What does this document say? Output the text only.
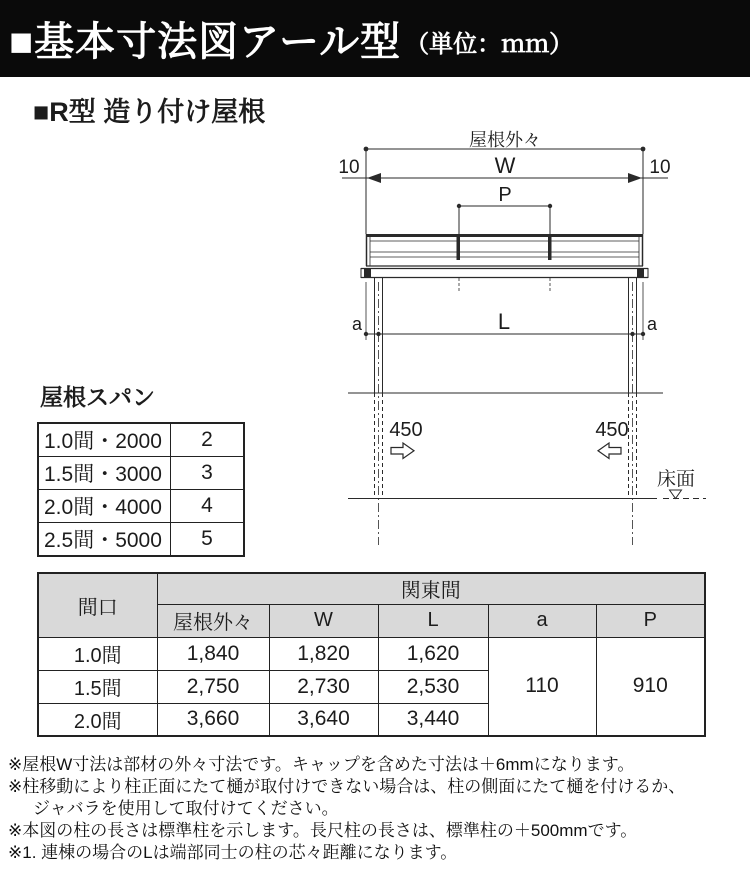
■基本寸法図アール型 （単位：ｍｍ）
■R型 造り付け屋根
屋根外々
10	10
W
P
a	a
L
450	450
床面
屋根スパン
1.0間・2000	2
1.5間・3000	3
2.0間・4000	4
2.5間・5000	5
間口	関東間				
	屋根外々	W	L	a	P
1.0間	1,840	1,820	1,620	110	910
1.5間	2,750	2,730	2,530		
2.0間	3,660	3,640	3,440		
※屋根W寸法は部材の外々寸法です。キャップを含めた寸法は＋6mmになります。
※柱移動により柱正面にたて樋が取付けできない場合は、柱の側面にたて樋を付けるか、
ジャバラを使用して取付けてください。
※本図の柱の長さは標準柱を示します。長尺柱の長さは、標準柱の＋500mmです。
※1. 連棟の場合のLは端部同士の柱の芯々距離になります。
